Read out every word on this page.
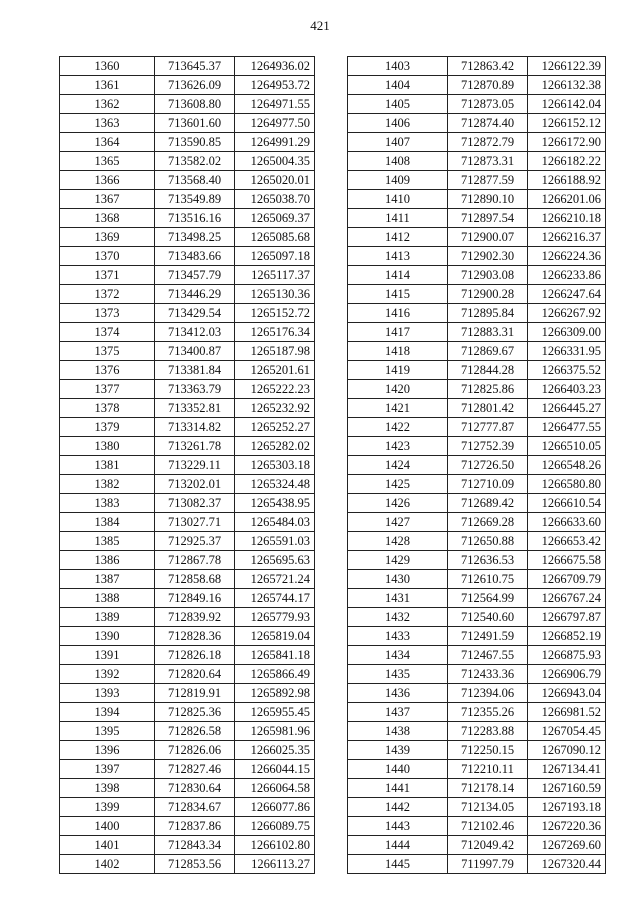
421
1360	713645.37	1264936.02
1361	713626.09	1264953.72
1362	713608.80	1264971.55
1363	713601.60	1264977.50
1364	713590.85	1264991.29
1365	713582.02	1265004.35
1366	713568.40	1265020.01
1367	713549.89	1265038.70
1368	713516.16	1265069.37
1369	713498.25	1265085.68
1370	713483.66	1265097.18
1371	713457.79	1265117.37
1372	713446.29	1265130.36
1373	713429.54	1265152.72
1374	713412.03	1265176.34
1375	713400.87	1265187.98
1376	713381.84	1265201.61
1377	713363.79	1265222.23
1378	713352.81	1265232.92
1379	713314.82	1265252.27
1380	713261.78	1265282.02
1381	713229.11	1265303.18
1382	713202.01	1265324.48
1383	713082.37	1265438.95
1384	713027.71	1265484.03
1385	712925.37	1265591.03
1386	712867.78	1265695.63
1387	712858.68	1265721.24
1388	712849.16	1265744.17
1389	712839.92	1265779.93
1390	712828.36	1265819.04
1391	712826.18	1265841.18
1392	712820.64	1265866.49
1393	712819.91	1265892.98
1394	712825.36	1265955.45
1395	712826.58	1265981.96
1396	712826.06	1266025.35
1397	712827.46	1266044.15
1398	712830.64	1266064.58
1399	712834.67	1266077.86
1400	712837.86	1266089.75
1401	712843.34	1266102.80
1402	712853.56	1266113.27
1403	712863.42	1266122.39
1404	712870.89	1266132.38
1405	712873.05	1266142.04
1406	712874.40	1266152.12
1407	712872.79	1266172.90
1408	712873.31	1266182.22
1409	712877.59	1266188.92
1410	712890.10	1266201.06
1411	712897.54	1266210.18
1412	712900.07	1266216.37
1413	712902.30	1266224.36
1414	712903.08	1266233.86
1415	712900.28	1266247.64
1416	712895.84	1266267.92
1417	712883.31	1266309.00
1418	712869.67	1266331.95
1419	712844.28	1266375.52
1420	712825.86	1266403.23
1421	712801.42	1266445.27
1422	712777.87	1266477.55
1423	712752.39	1266510.05
1424	712726.50	1266548.26
1425	712710.09	1266580.80
1426	712689.42	1266610.54
1427	712669.28	1266633.60
1428	712650.88	1266653.42
1429	712636.53	1266675.58
1430	712610.75	1266709.79
1431	712564.99	1266767.24
1432	712540.60	1266797.87
1433	712491.59	1266852.19
1434	712467.55	1266875.93
1435	712433.36	1266906.79
1436	712394.06	1266943.04
1437	712355.26	1266981.52
1438	712283.88	1267054.45
1439	712250.15	1267090.12
1440	712210.11	1267134.41
1441	712178.14	1267160.59
1442	712134.05	1267193.18
1443	712102.46	1267220.36
1444	712049.42	1267269.60
1445	711997.79	1267320.44
